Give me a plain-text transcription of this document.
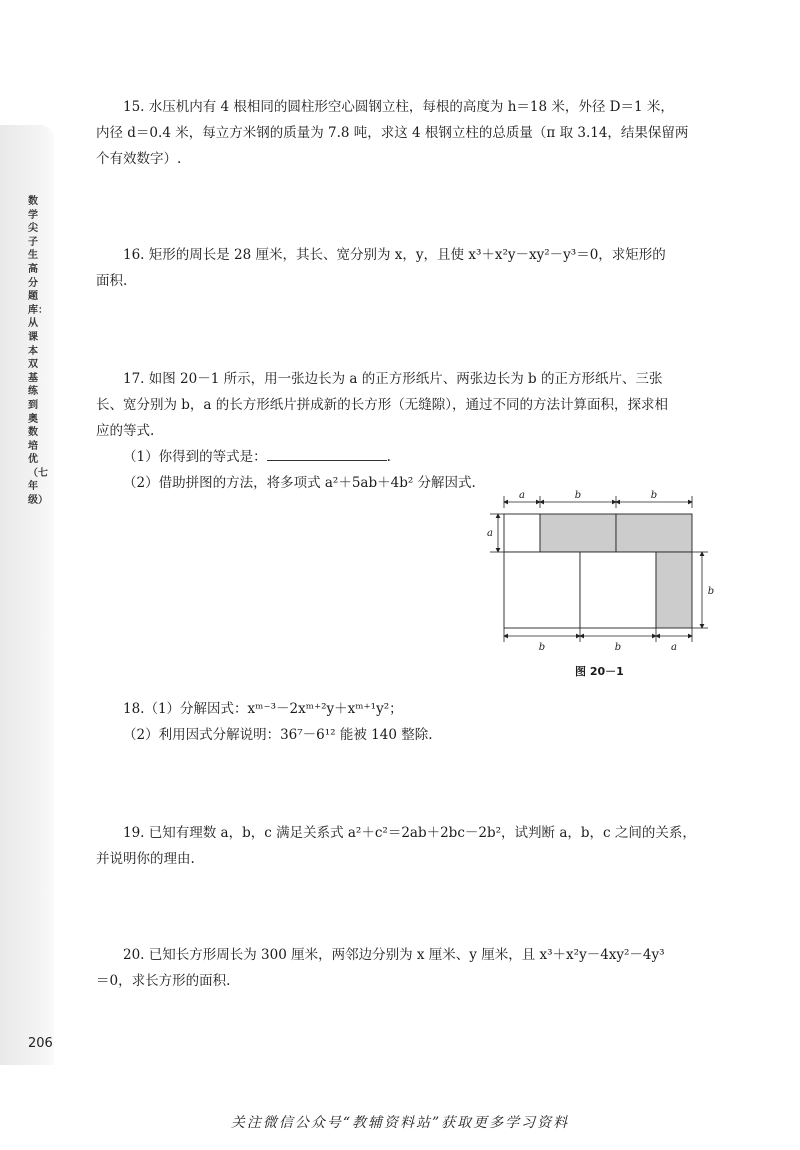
数学尖子生高分题库：从课本双基练到奥数培优（七年级）

15. 水压机内有 4 根相同的圆柱形空心圆钢立柱，每根的高度为 h＝18 米，外径 D＝1 米，

内径 d＝0.4 米，每立方米钢的质量为 7.8 吨，求这 4 根钢立柱的总质量（π 取 3.14，结果保留两

个有效数字）.

16. 矩形的周长是 28 厘米，其长、宽分别为 x，y，且使 x³＋x²y－xy²－y³＝0，求矩形的

面积.

17. 如图 20－1 所示，用一张边长为 a 的正方形纸片、两张边长为 b 的正方形纸片、三张

长、宽分别为 b，a 的长方形纸片拼成新的长方形（无缝隙），通过不同的方法计算面积，探求相

应的等式.

（1）你得到的等式是：	.

（2）借助拼图的方法，将多项式 a²＋5ab＋4b² 分解因式.

a	b	b
a
b
b	b	a
图 20－1

18.（1）分解因式：xᵐ⁻³－2xᵐ⁺²y＋xᵐ⁺¹y²；

（2）利用因式分解说明：36⁷－6¹² 能被 140 整除.

19. 已知有理数 a，b，c 满足关系式 a²＋c²＝2ab＋2bc－2b²，试判断 a，b，c 之间的关系，

并说明你的理由.

20. 已知长方形周长为 300 厘米，两邻边分别为 x 厘米、y 厘米，且 x³＋x²y－4xy²－4y³

＝0，求长方形的面积.

206
关注微信公众号“教辅资料站”获取更多学习资料
